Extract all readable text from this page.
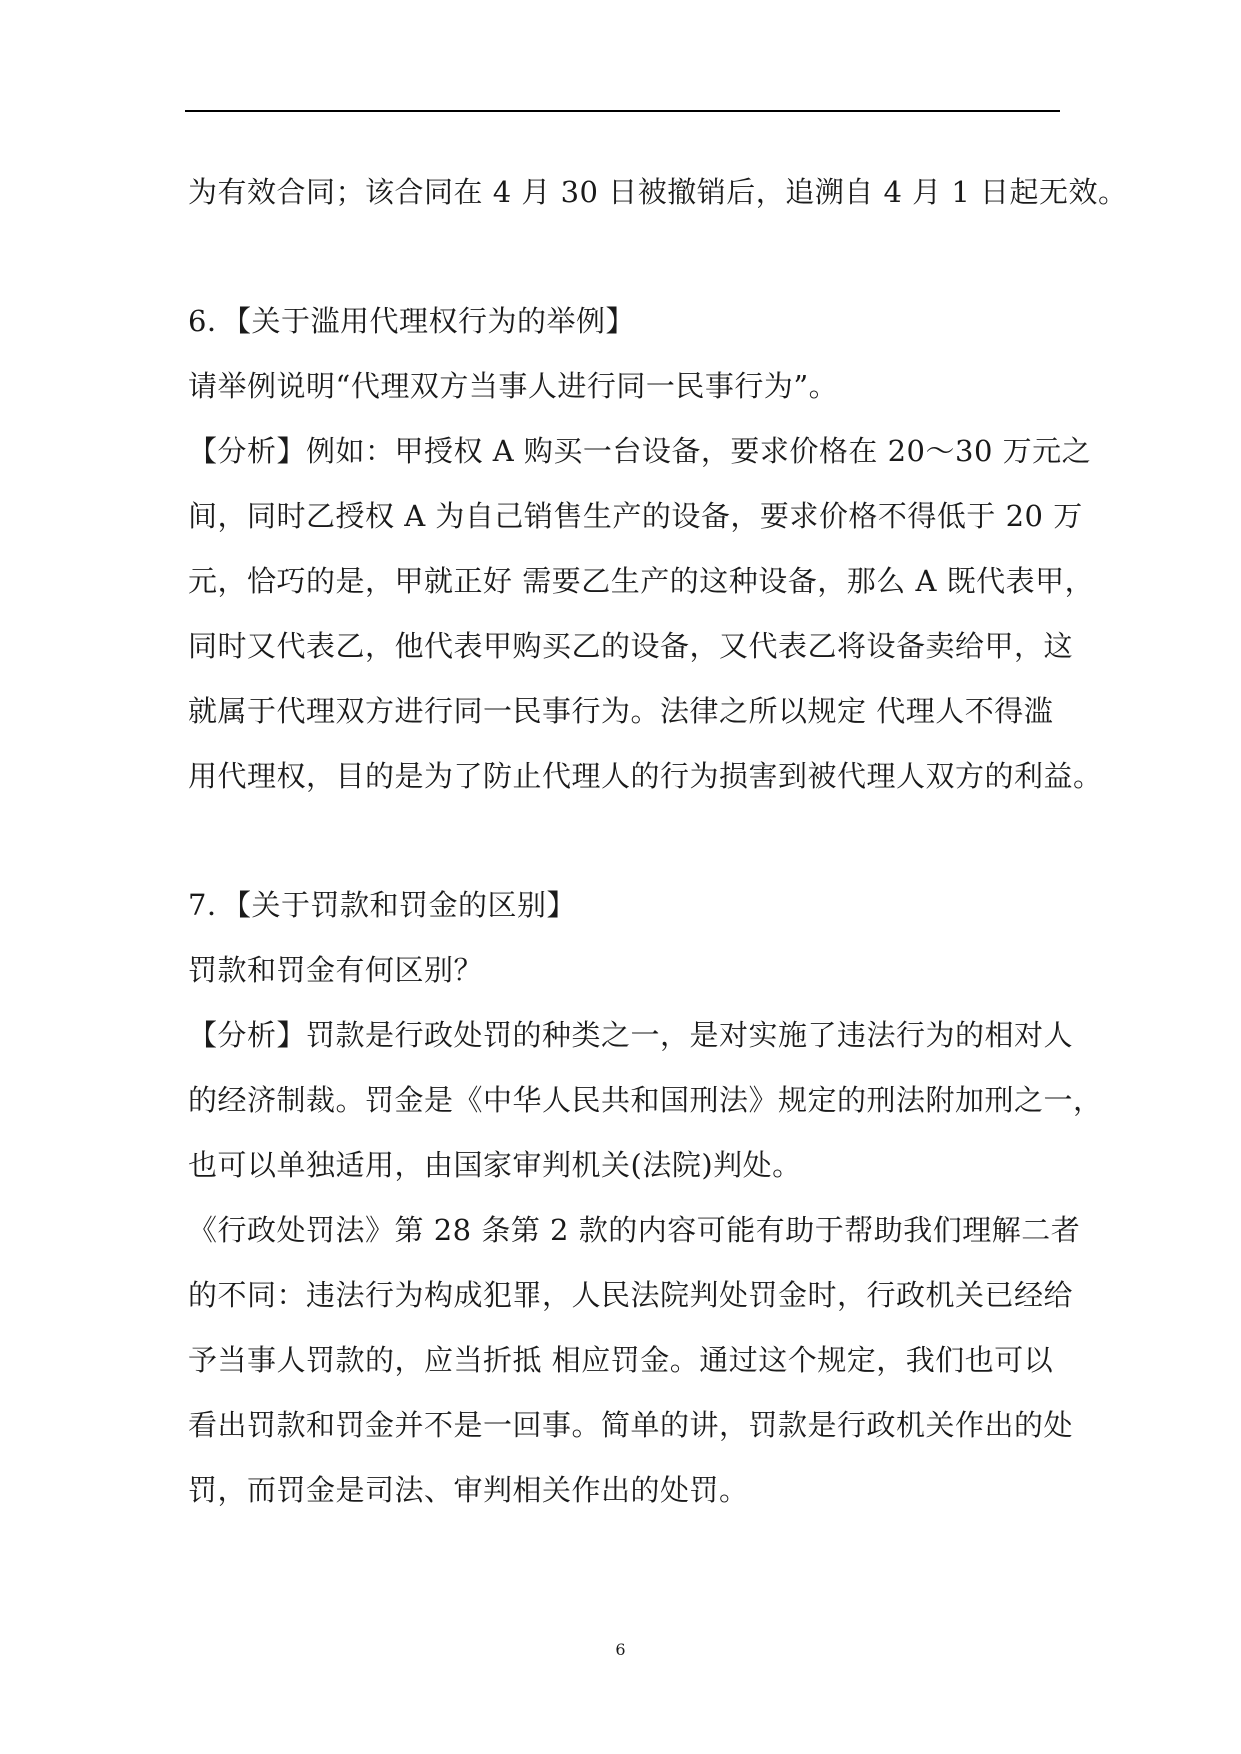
为有效合同；该合同在 4 月 30 日被撤销后，追溯自 4 月 1 日起无效。
6．【关于滥用代理权行为的举例】
请举例说明“代理双方当事人进行同一民事行为”。
【分析】例如：甲授权 A 购买一台设备，要求价格在 20～30 万元之
间，同时乙授权 A 为自己销售生产的设备，要求价格不得低于 20 万
元，恰巧的是，甲就正好 需要乙生产的这种设备，那么 A 既代表甲，
同时又代表乙，他代表甲购买乙的设备，又代表乙将设备卖给甲，这
就属于代理双方进行同一民事行为。法律之所以规定 代理人不得滥
用代理权，目的是为了防止代理人的行为损害到被代理人双方的利益。
7．【关于罚款和罚金的区别】
罚款和罚金有何区别？
【分析】罚款是行政处罚的种类之一，是对实施了违法行为的相对人
的经济制裁。罚金是《中华人民共和国刑法》规定的刑法附加刑之一，
也可以单独适用，由国家审判机关(法院)判处。
《行政处罚法》第 28 条第 2 款的内容可能有助于帮助我们理解二者
的不同：违法行为构成犯罪，人民法院判处罚金时，行政机关已经给
予当事人罚款的，应当折抵 相应罚金。通过这个规定，我们也可以
看出罚款和罚金并不是一回事。简单的讲，罚款是行政机关作出的处
罚，而罚金是司法、审判相关作出的处罚。
6
